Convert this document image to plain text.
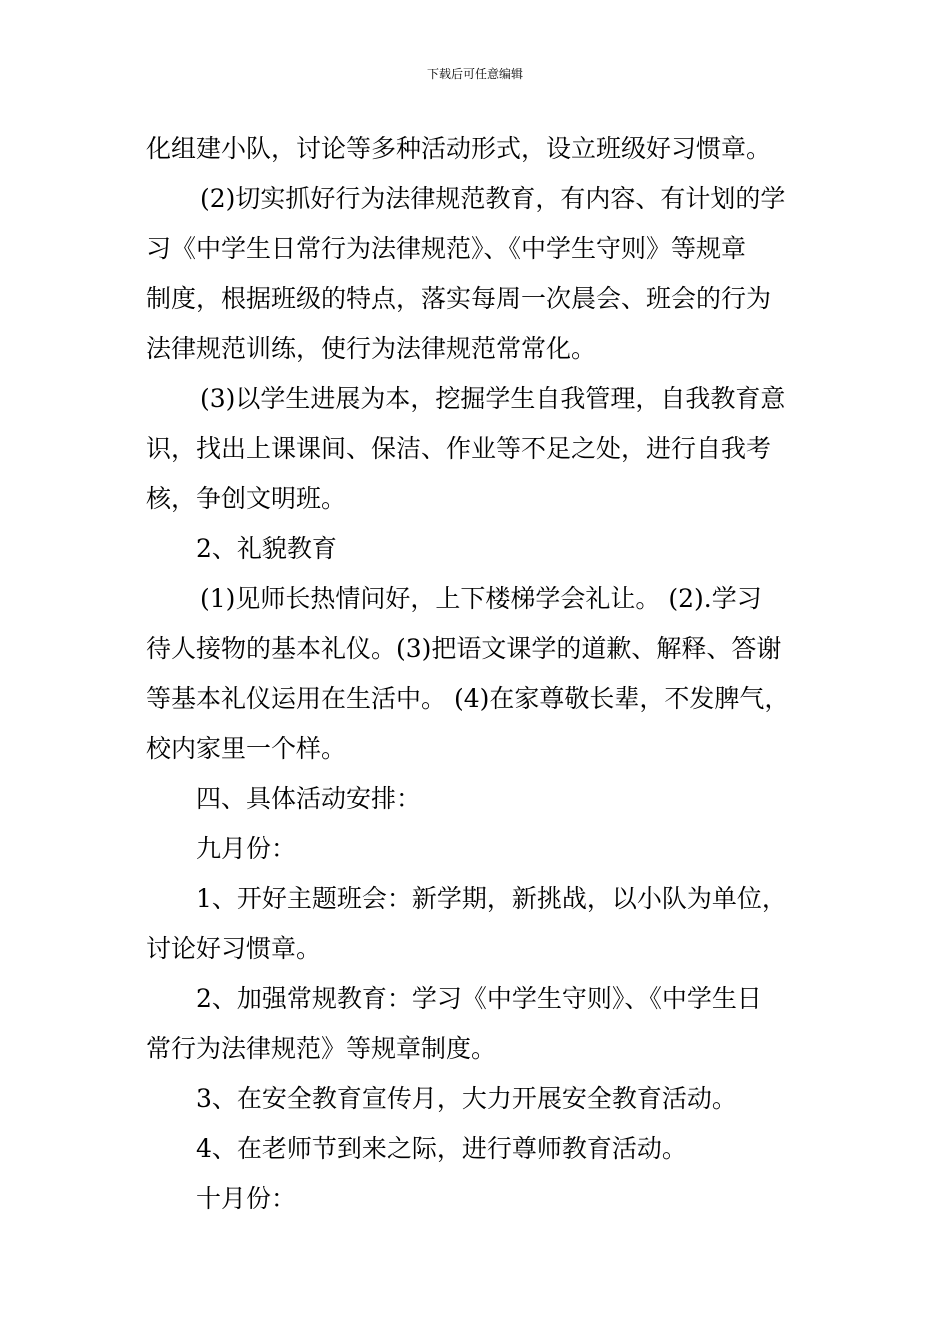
下载后可任意编辑
化组建小队，讨论等多种活动形式，设立班级好习惯章。
(2)切实抓好行为法律规范教育，有内容、有计划的学
习《中学生日常行为法律规范》、《中学生守则》等规章
制度，根据班级的特点，落实每周一次晨会、班会的行为
法律规范训练，使行为法律规范常常化。
(3)以学生进展为本，挖掘学生自我管理，自我教育意
识，找出上课课间、保洁、作业等不足之处，进行自我考
核，争创文明班。
2、礼貌教育
(1)见师长热情问好，上下楼梯学会礼让。 (2).学习
待人接物的基本礼仪。(3)把语文课学的道歉、解释、答谢
等基本礼仪运用在生活中。 (4)在家尊敬长辈，不发脾气，
校内家里一个样。
四、具体活动安排：
九月份：
1、开好主题班会：新学期，新挑战，以小队为单位，
讨论好习惯章。
2、加强常规教育：学习《中学生守则》、《中学生日
常行为法律规范》等规章制度。
3、在安全教育宣传月，大力开展安全教育活动。
4、在老师节到来之际，进行尊师教育活动。
十月份：
